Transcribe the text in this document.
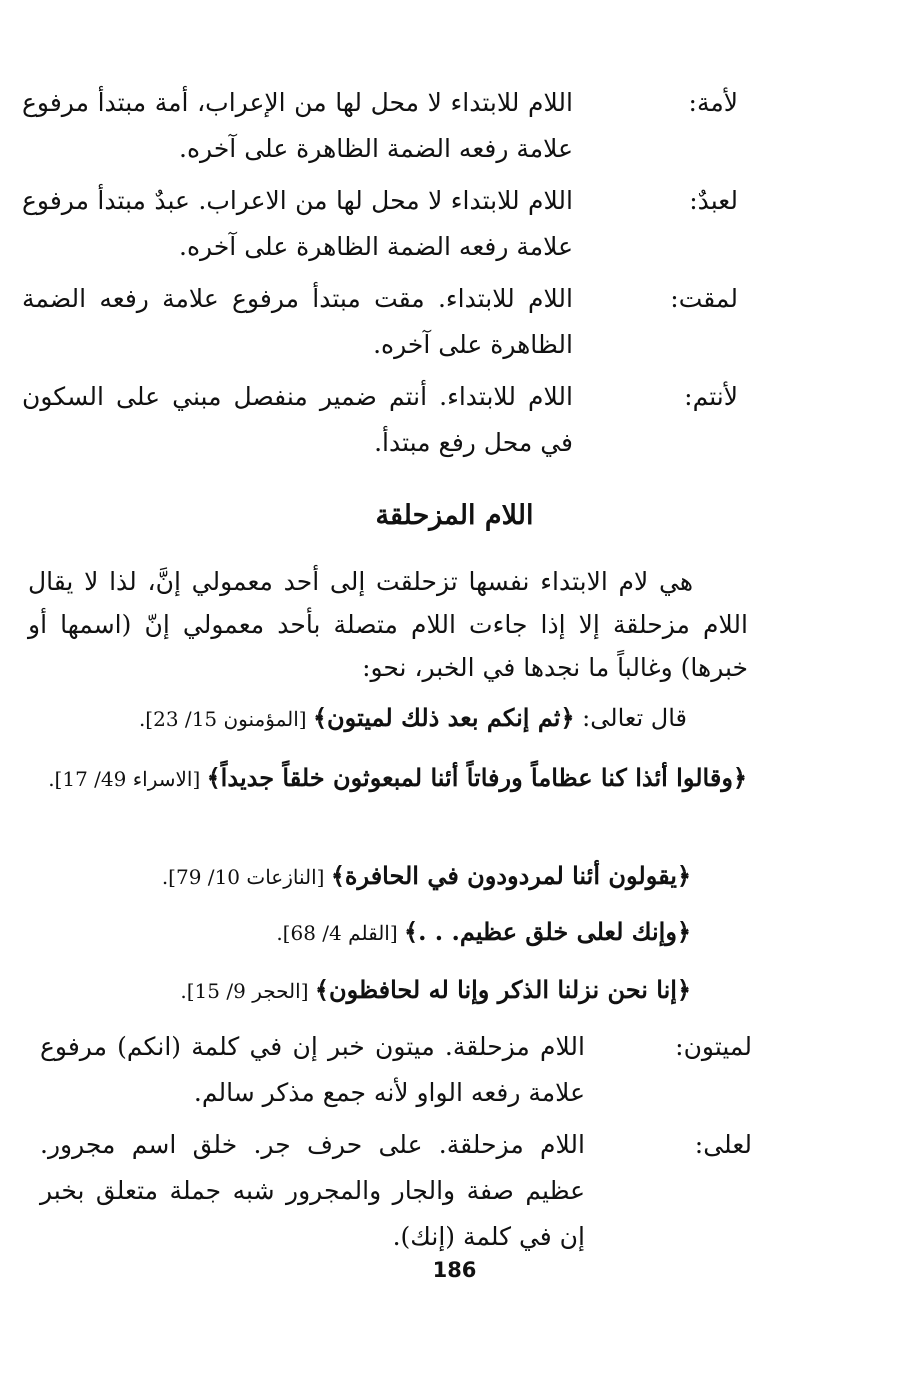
لأمة:
اللام للابتداء لا محل لها من الإعراب، أمة مبتدأ مرفوع علامة رفعه الضمة الظاهرة على آخره.
لعبدٌ:
اللام للابتداء لا محل لها من الاعراب. عبدٌ مبتدأ مرفوع علامة رفعه الضمة الظاهرة على آخره.
لمقت:
اللام للابتداء. مقت مبتدأ مرفوع علامة رفعه الضمة الظاهرة على آخره.
لأنتم:
اللام للابتداء. أنتم ضمير منفصل مبني على السكون في محل رفع مبتدأ.
اللام المزحلقة
هي لام الابتداء نفسها تزحلقت إلى أحد معمولي إنَّ، لذا لا يقال اللام مزحلقة إلا إذا جاءت اللام متصلة بأحد معمولي إنّ (اسمها أو خبرها) وغالباً ما نجدها في الخبر، نحو:
قال تعالى: ﴿ثم إنكم بعد ذلك لميتون﴾ [المؤمنون 15/ 23].
﴿وقالوا أئذا كنا عظاماً ورفاتاً أئنا لمبعوثون خلقاً جديداً﴾ [الاسراء 49/ 17].
﴿يقولون أئنا لمردودون في الحافرة﴾ [النازعات 10/ 79].
﴿وإنك لعلى خلق عظيم. . .﴾ [القلم 4/ 68].
﴿إنا نحن نزلنا الذكر وإنا له لحافظون﴾ [الحجر 9/ 15].
لميتون:
اللام مزحلقة. ميتون خبر إن في كلمة (انكم) مرفوع علامة رفعه الواو لأنه جمع مذكر سالم.
لعلى:
اللام مزحلقة. على حرف جر. خلق اسم مجرور. عظيم صفة والجار والمجرور شبه جملة متعلق بخبر إن في كلمة (إنك).
186
